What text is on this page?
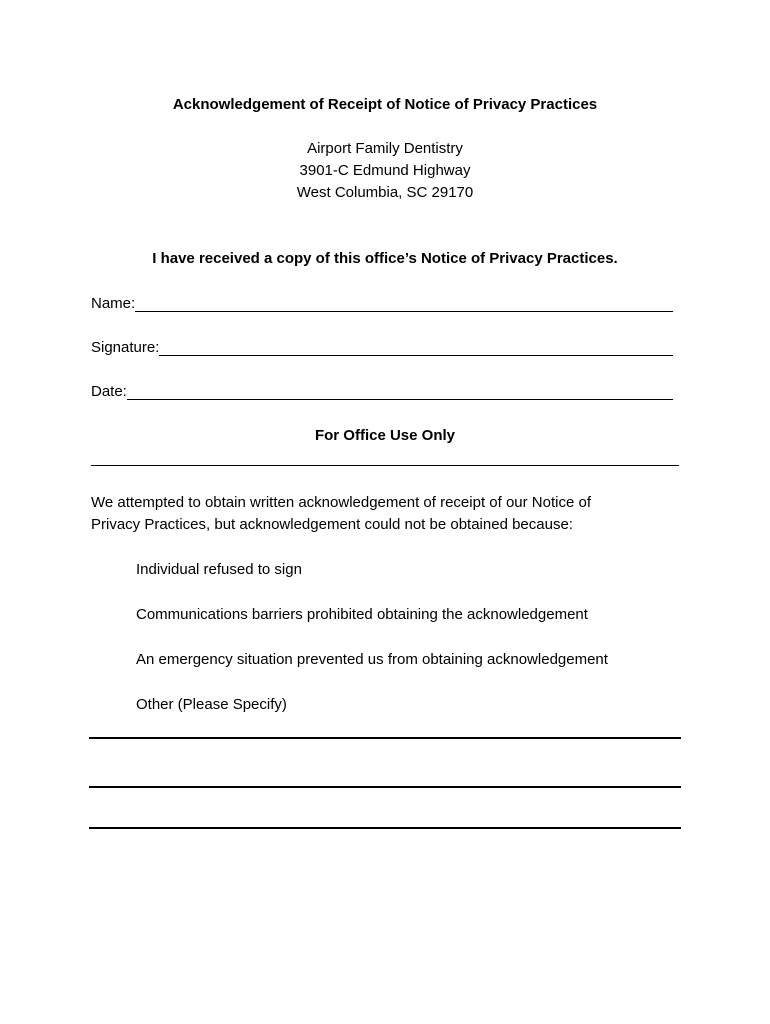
Acknowledgement of Receipt of Notice of Privacy Practices
Airport Family Dentistry
3901-C Edmund Highway
West Columbia, SC 29170
I have received a copy of this office’s Notice of Privacy Practices.
Name:
Signature:
Date:
For Office Use Only
We attempted to obtain written acknowledgement of receipt of our Notice of
Privacy Practices, but acknowledgement could not be obtained because:
Individual refused to sign
Communications barriers prohibited obtaining the acknowledgement
An emergency situation prevented us from obtaining acknowledgement
Other (Please Specify)
